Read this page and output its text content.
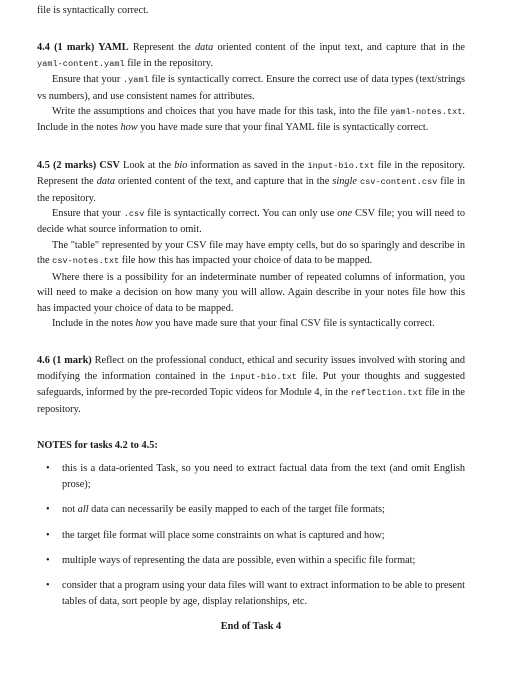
file is syntactically correct.

4.4 (1 mark) YAML Represent the data oriented content of the input text, and capture that in the yaml-content.yaml file in the repository.

Ensure that your .yaml file is syntactically correct. Ensure the correct use of data types (text/strings vs numbers), and use consistent names for attributes.

Write the assumptions and choices that you have made for this task, into the file yaml-notes.txt. Include in the notes how you have made sure that your final YAML file is syntactically correct.

4.5 (2 marks) CSV Look at the bio information as saved in the input-bio.txt file in the repository. Represent the data oriented content of the text, and capture that in the single csv-content.csv file in the repository.

Ensure that your .csv file is syntactically correct. You can only use one CSV file; you will need to decide what source information to omit.

The "table" represented by your CSV file may have empty cells, but do so sparingly and describe in the csv-notes.txt file how this has impacted your choice of data to be mapped.

Where there is a possibility for an indeterminate number of repeated columns of information, you will need to make a decision on how many you will allow. Again describe in your notes file how this has impacted your choice of data to be mapped.

Include in the notes how you have made sure that your final CSV file is syntactically correct.

4.6 (1 mark) Reflect on the professional conduct, ethical and security issues involved with storing and modifying the information contained in the input-bio.txt file. Put your thoughts and suggested safeguards, informed by the pre-recorded Topic videos for Module 4, in the reflection.txt file in the repository.

NOTES for tasks 4.2 to 4.5:

• this is a data-oriented Task, so you need to extract factual data from the text (and omit English prose);
• not all data can necessarily be easily mapped to each of the target file formats;
• the target file format will place some constraints on what is captured and how;
• multiple ways of representing the data are possible, even within a specific file format;
• consider that a program using your data files will want to extract information to be able to present tables of data, sort people by age, display relationships, etc.

End of Task 4
